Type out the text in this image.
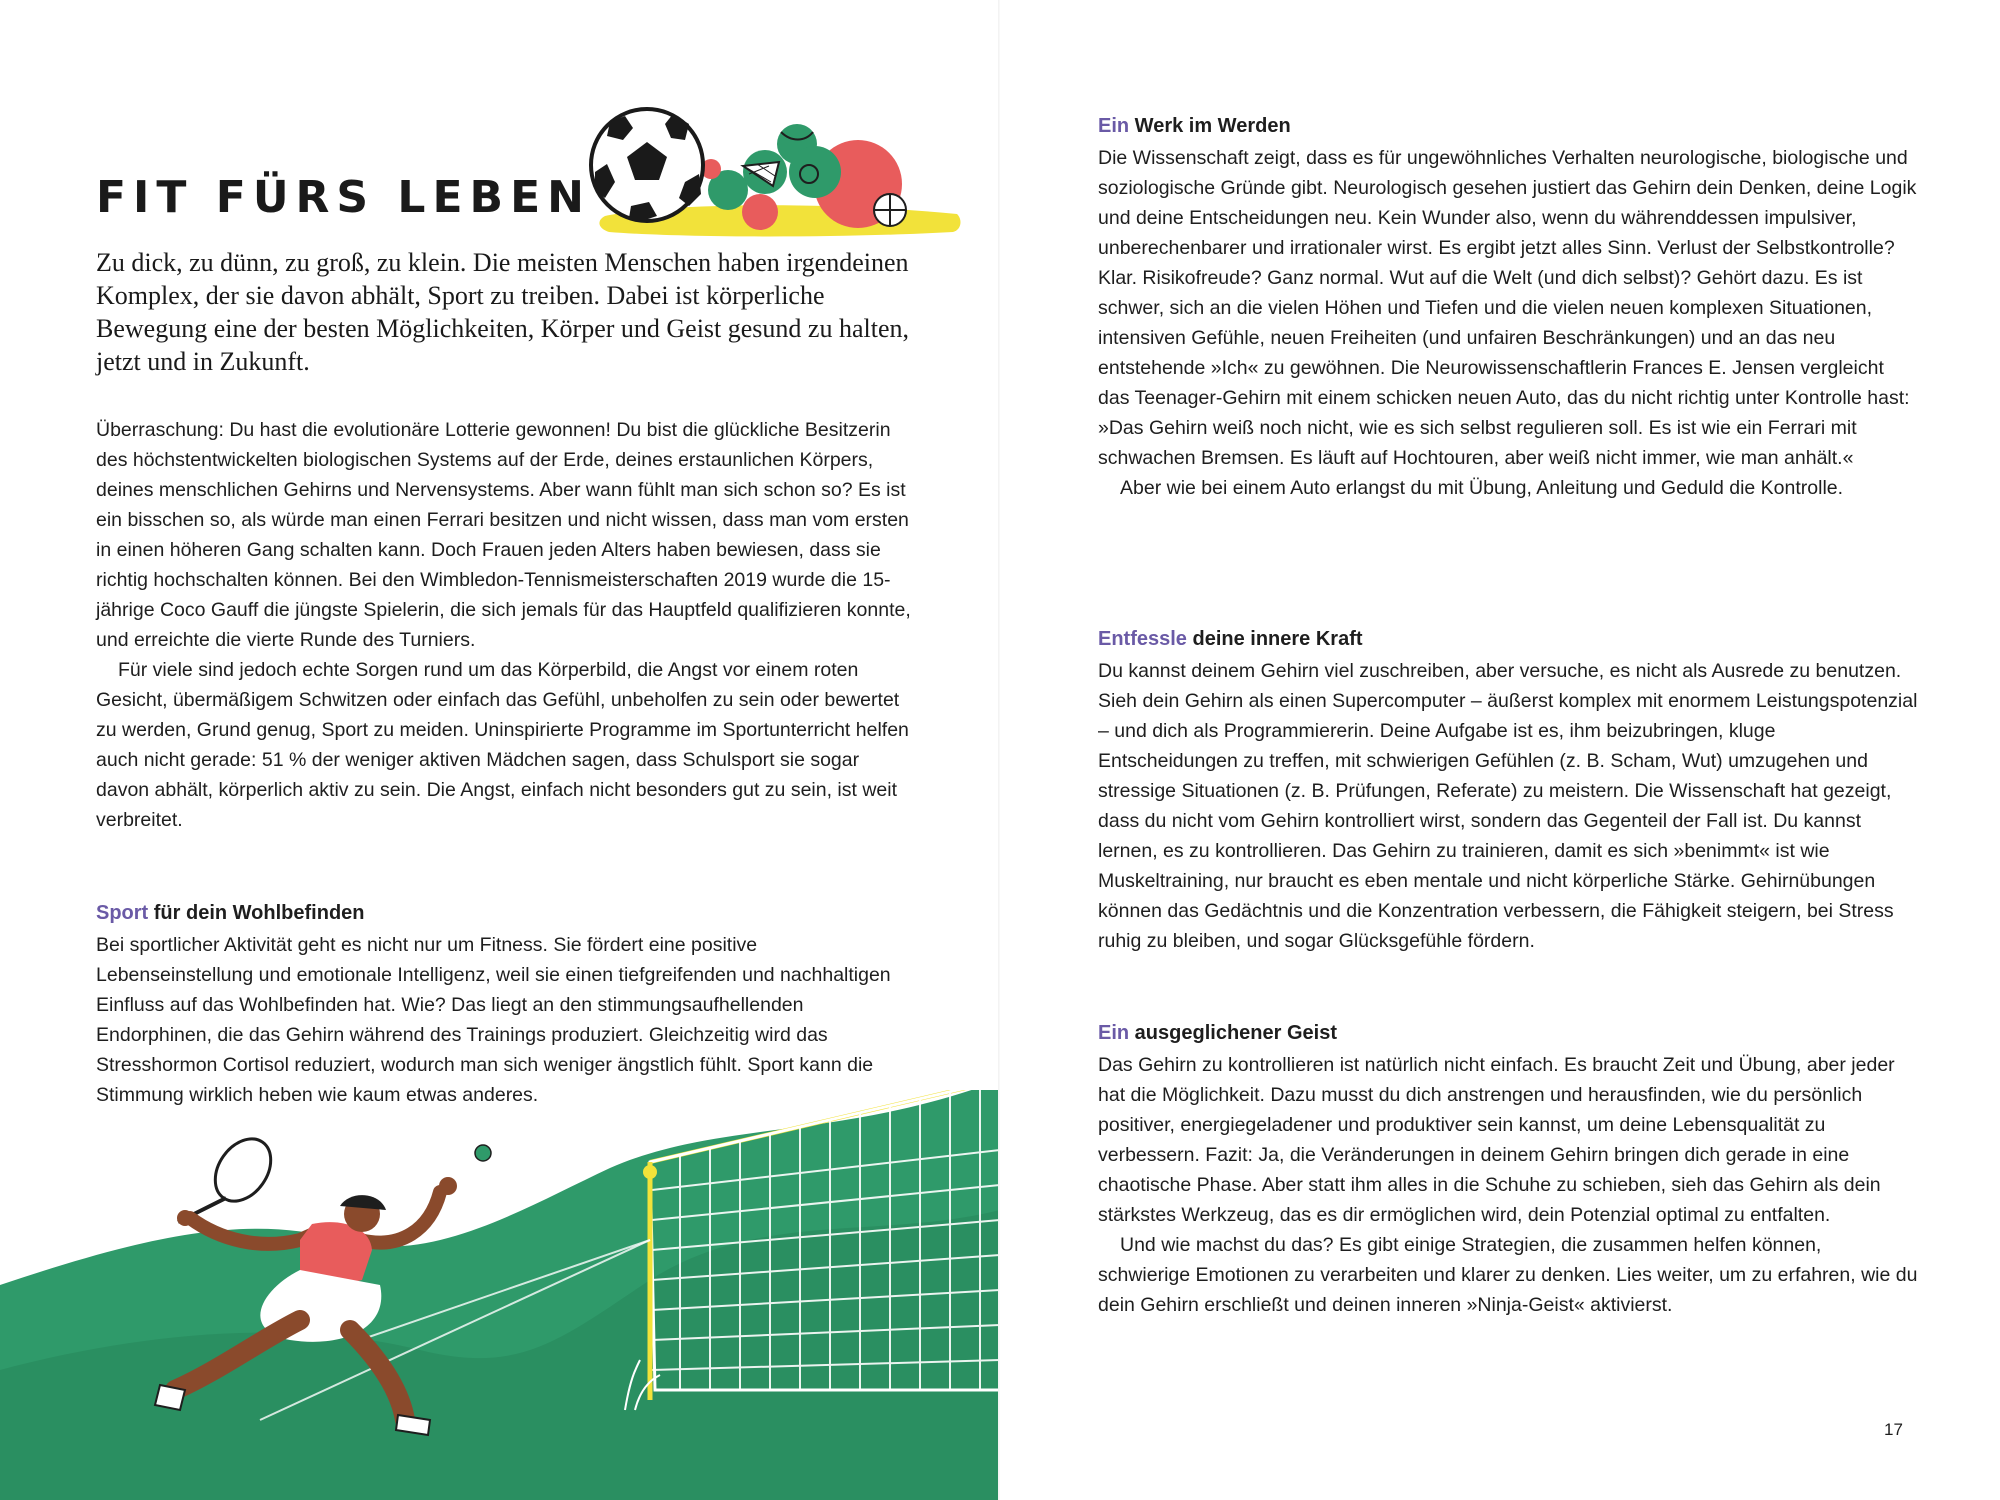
FIT FÜRS LEBEN

Zu dick, zu dünn, zu groß, zu klein. Die meisten Menschen haben irgendeinen Komplex, der sie davon abhält, Sport zu treiben. Dabei ist körperliche Bewegung eine der besten Möglichkeiten, Körper und Geist gesund zu halten, jetzt und in Zukunft.

Überraschung: Du hast die evolutionäre Lotterie gewonnen! Du bist die glückliche Besitzerin des höchstentwickelten biologischen Systems auf der Erde, deines erstaunlichen Körpers, deines menschlichen Gehirns und Nervensystems. Aber wann fühlt man sich schon so? Es ist ein bisschen so, als würde man einen Ferrari besitzen und nicht wissen, dass man vom ersten in einen höheren Gang schalten kann. Doch Frauen jeden Alters haben bewiesen, dass sie richtig hochschalten können. Bei den Wimbledon-Tennismeisterschaften 2019 wurde die 15-jährige Coco Gauff die jüngste Spielerin, die sich jemals für das Hauptfeld qualifizieren konnte, und erreichte die vierte Runde des Turniers.

Für viele sind jedoch echte Sorgen rund um das Körperbild, die Angst vor einem roten Gesicht, übermäßigem Schwitzen oder einfach das Gefühl, unbeholfen zu sein oder bewertet zu werden, Grund genug, Sport zu meiden. Uninspirierte Programme im Sportunterricht helfen auch nicht gerade: 51 % der weniger aktiven Mädchen sagen, dass Schulsport sie sogar davon abhält, körperlich aktiv zu sein. Die Angst, einfach nicht besonders gut zu sein, ist weit verbreitet.

Sport für dein Wohlbefinden

Bei sportlicher Aktivität geht es nicht nur um Fitness. Sie fördert eine positive Lebenseinstellung und emotionale Intelligenz, weil sie einen tiefgreifenden und nachhaltigen Einfluss auf das Wohlbefinden hat. Wie? Das liegt an den stimmungsaufhellenden Endorphinen, die das Gehirn während des Trainings produziert. Gleichzeitig wird das Stresshormon Cortisol reduziert, wodurch man sich weniger ängstlich fühlt. Sport kann die Stimmung wirklich heben wie kaum etwas anderes.

Ein Werk im Werden

Die Wissenschaft zeigt, dass es für ungewöhnliches Verhalten neurologische, biologische und soziologische Gründe gibt. Neurologisch gesehen justiert das Gehirn dein Denken, deine Logik und deine Entscheidungen neu. Kein Wunder also, wenn du währenddessen impulsiver, unberechenbarer und irrationaler wirst. Es ergibt jetzt alles Sinn. Verlust der Selbstkontrolle? Klar. Risikofreude? Ganz normal. Wut auf die Welt (und dich selbst)? Gehört dazu. Es ist schwer, sich an die vielen Höhen und Tiefen und die vielen neuen komplexen Situationen, intensiven Gefühle, neuen Freiheiten (und unfairen Beschränkungen) und an das neu entstehende »Ich« zu gewöhnen. Die Neurowissenschaftlerin Frances E. Jensen vergleicht das Teenager-Gehirn mit einem schicken neuen Auto, das du nicht richtig unter Kontrolle hast: »Das Gehirn weiß noch nicht, wie es sich selbst regulieren soll. Es ist wie ein Ferrari mit schwachen Bremsen. Es läuft auf Hochtouren, aber weiß nicht immer, wie man anhält.«

Aber wie bei einem Auto erlangst du mit Übung, Anleitung und Geduld die Kontrolle.

Entfessle deine innere Kraft

Du kannst deinem Gehirn viel zuschreiben, aber versuche, es nicht als Ausrede zu benutzen. Sieh dein Gehirn als einen Supercomputer – äußerst komplex mit enormem Leistungspotenzial – und dich als Programmiererin. Deine Aufgabe ist es, ihm beizubringen, kluge Entscheidungen zu treffen, mit schwierigen Gefühlen (z. B. Scham, Wut) umzugehen und stressige Situationen (z. B. Prüfungen, Referate) zu meistern. Die Wissenschaft hat gezeigt, dass du nicht vom Gehirn kontrolliert wirst, sondern das Gegenteil der Fall ist. Du kannst lernen, es zu kontrollieren. Das Gehirn zu trainieren, damit es sich »benimmt« ist wie Muskeltraining, nur braucht es eben mentale und nicht körperliche Stärke. Gehirnübungen können das Gedächtnis und die Konzentration verbessern, die Fähigkeit steigern, bei Stress ruhig zu bleiben, und sogar Glücksgefühle fördern.

Ein ausgeglichener Geist

Das Gehirn zu kontrollieren ist natürlich nicht einfach. Es braucht Zeit und Übung, aber jeder hat die Möglichkeit. Dazu musst du dich anstrengen und herausfinden, wie du persönlich positiver, energiegeladener und produktiver sein kannst, um deine Lebensqualität zu verbessern. Fazit: Ja, die Veränderungen in deinem Gehirn bringen dich gerade in eine chaotische Phase. Aber statt ihm alles in die Schuhe zu schieben, sieh das Gehirn als dein stärkstes Werkzeug, das es dir ermöglichen wird, dein Potenzial optimal zu entfalten.

Und wie machst du das? Es gibt einige Strategien, die zusammen helfen können, schwierige Emotionen zu verarbeiten und klarer zu denken. Lies weiter, um zu erfahren, wie du dein Gehirn erschließt und deinen inneren »Ninja-Geist« aktivierst.

17
